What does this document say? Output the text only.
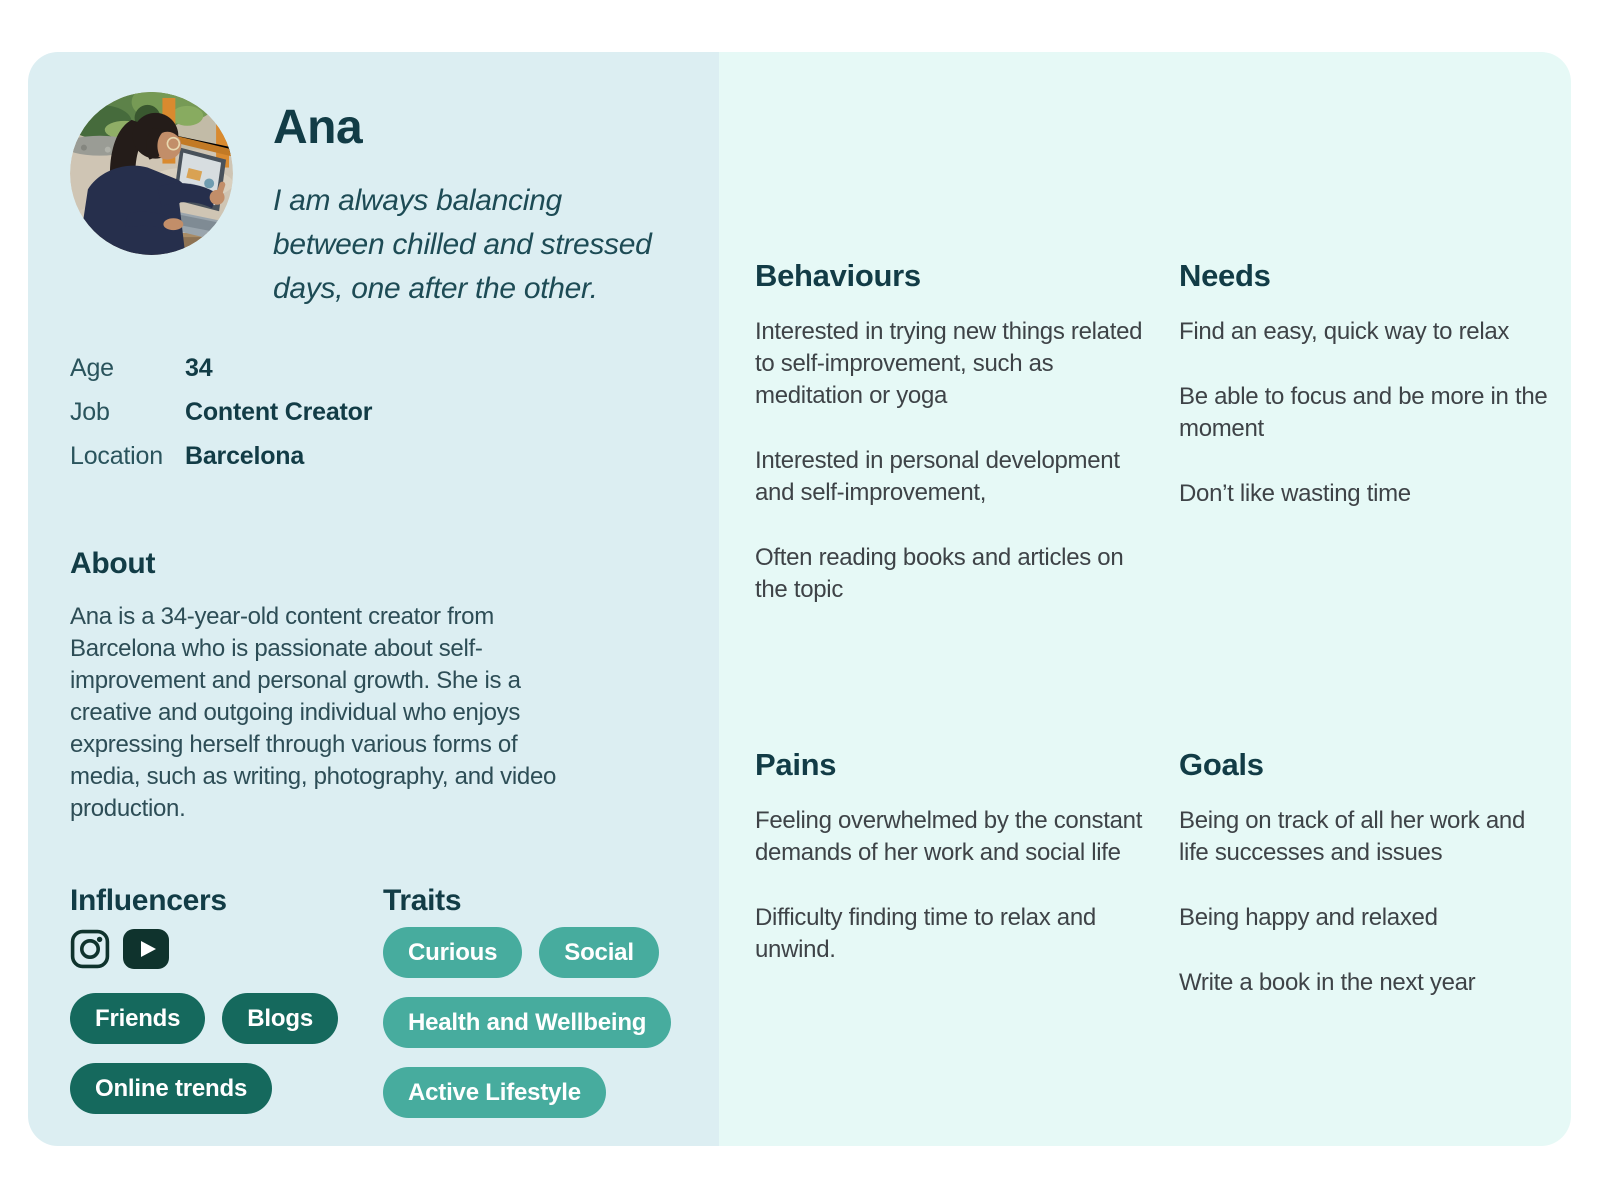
Ana

I am always balancing between chilled and stressed days, one after the other.

Age	34
Job	Content Creator
Location Barcelona
About

Ana is a 34-year-old content creator from Barcelona who is passionate about self-improvement and personal growth. She is a creative and outgoing individual who enjoys expressing herself through various forms of media, such as writing, photography, and video production.

Influencers
Friends	Blogs
Online trends
Traits
Curious	Social
Health and Wellbeing
Active Lifestyle
Behaviours

Interested in trying new things related to self-improvement, such as meditation or yoga

Interested in personal development and self-improvement,

Often reading books and articles on the topic

Needs

Find an easy, quick way to relax

Be able to focus and be more in the moment

Don’t like wasting time

Pains

Feeling overwhelmed by the constant demands of her work and social life

Difficulty finding time to relax and unwind.

Goals

Being on track of all her work and life successes and issues

Being happy and relaxed

Write a book in the next year
